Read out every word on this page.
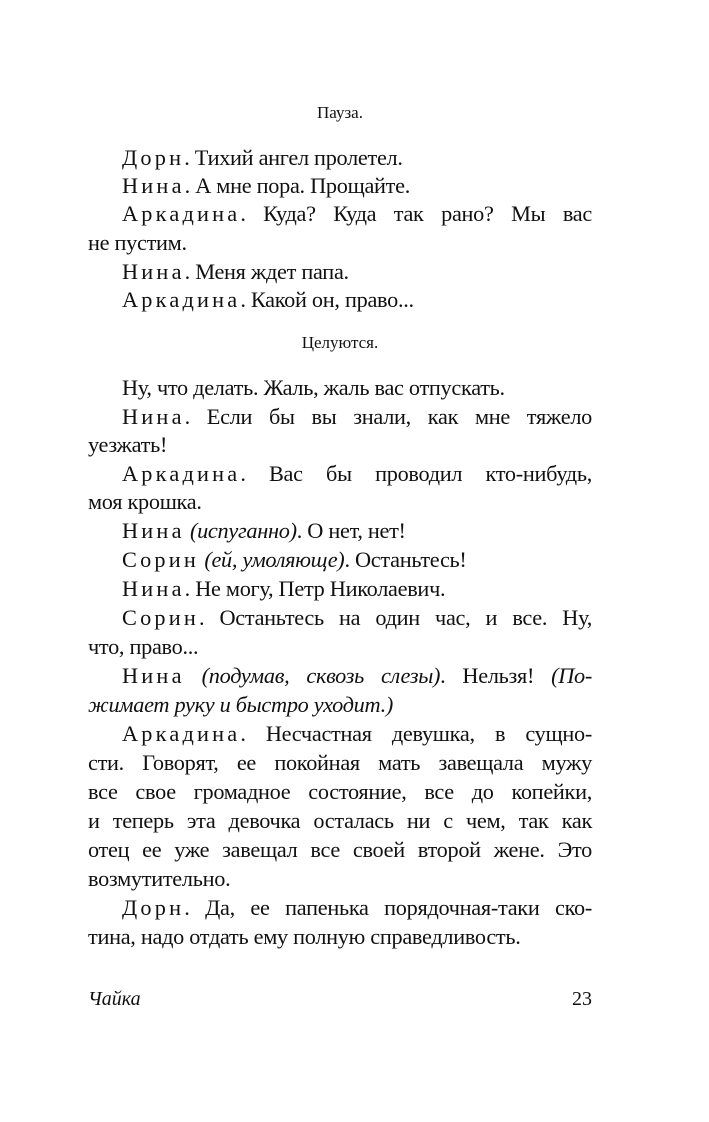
Пауза.
Дорн. Тихий ангел пролетел.
Нина. А мне пора. Прощайте.
Аркадина. Куда? Куда так рано? Мы вас
не пустим.
Нина. Меня ждет папа.
Аркадина. Какой он, право...
Целуются.
Ну, что делать. Жаль, жаль вас отпускать.
Нина. Если бы вы знали, как мне тяжело
уезжать!
Аркадина. Вас бы проводил кто-нибудь,
моя крошка.
Нина (испуганно). О нет, нет!
Сорин (ей, умоляюще). Останьтесь!
Нина. Не могу, Петр Николаевич.
Сорин. Останьтесь на один час, и все. Ну,
что, право...
Нина (подумав, сквозь слезы). Нельзя! (По-
жимает руку и быстро уходит.)
Аркадина. Несчастная девушка, в сущно-
сти. Говорят, ее покойная мать завещала мужу
все свое громадное состояние, все до копейки,
и теперь эта девочка осталась ни с чем, так как
отец ее уже завещал все своей второй жене. Это
возмутительно.
Дорн. Да, ее папенька порядочная-таки ско-
тина, надо отдать ему полную справедливость.
Чайка	23
